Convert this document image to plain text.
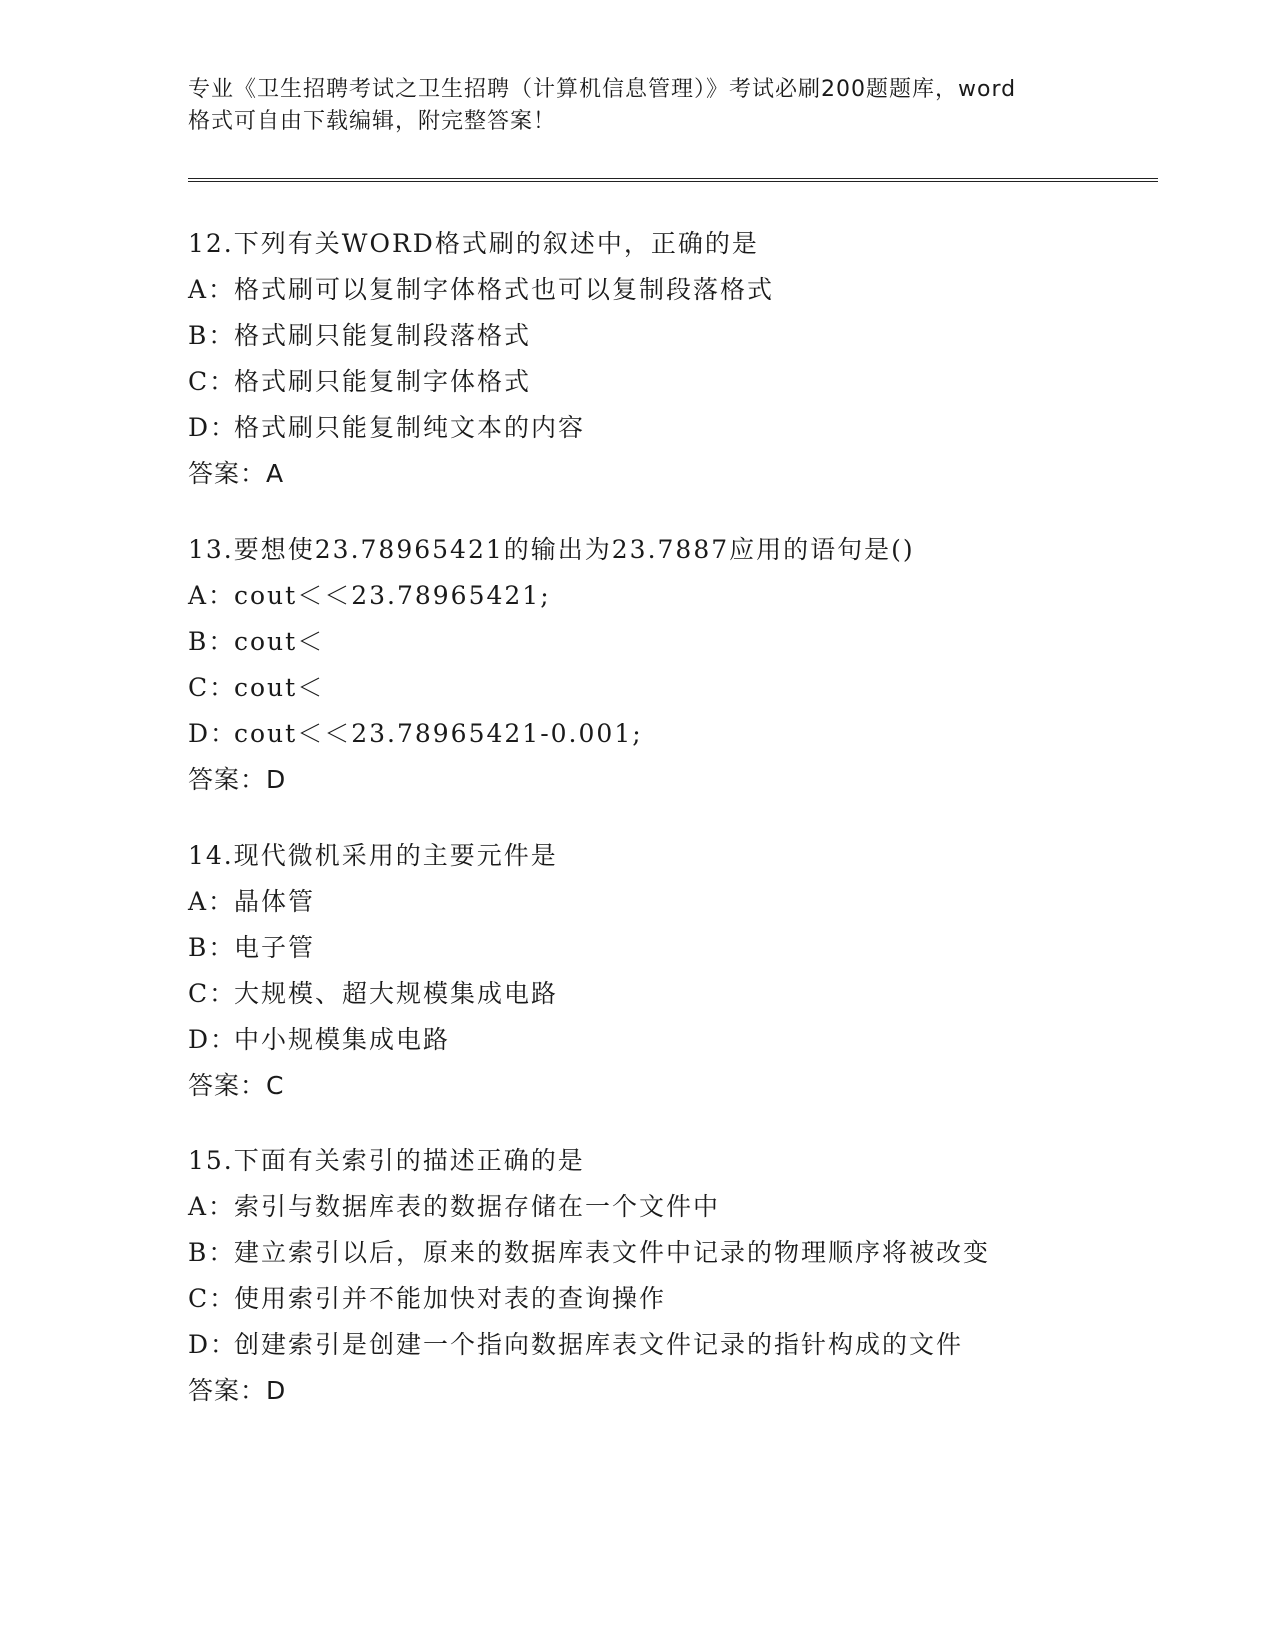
专业《卫生招聘考试之卫生招聘（计算机信息管理）》考试必刷200题题库，word
格式可自由下载编辑，附完整答案！
12.下列有关WORD格式刷的叙述中，正确的是
A：格式刷可以复制字体格式也可以复制段落格式
B：格式刷只能复制段落格式
C：格式刷只能复制字体格式
D：格式刷只能复制纯文本的内容
答案：A
13.要想使23.78965421的输出为23.7887应用的语句是()
A：cout＜＜23.78965421;
B：cout＜
C：cout＜
D：cout＜＜23.78965421-0.001;
答案：D
14.现代微机采用的主要元件是
A：晶体管
B：电子管
C：大规模、超大规模集成电路
D：中小规模集成电路
答案：C
15.下面有关索引的描述正确的是
A：索引与数据库表的数据存储在一个文件中
B：建立索引以后，原来的数据库表文件中记录的物理顺序将被改变
C：使用索引并不能加快对表的查询操作
D：创建索引是创建一个指向数据库表文件记录的指针构成的文件
答案：D
